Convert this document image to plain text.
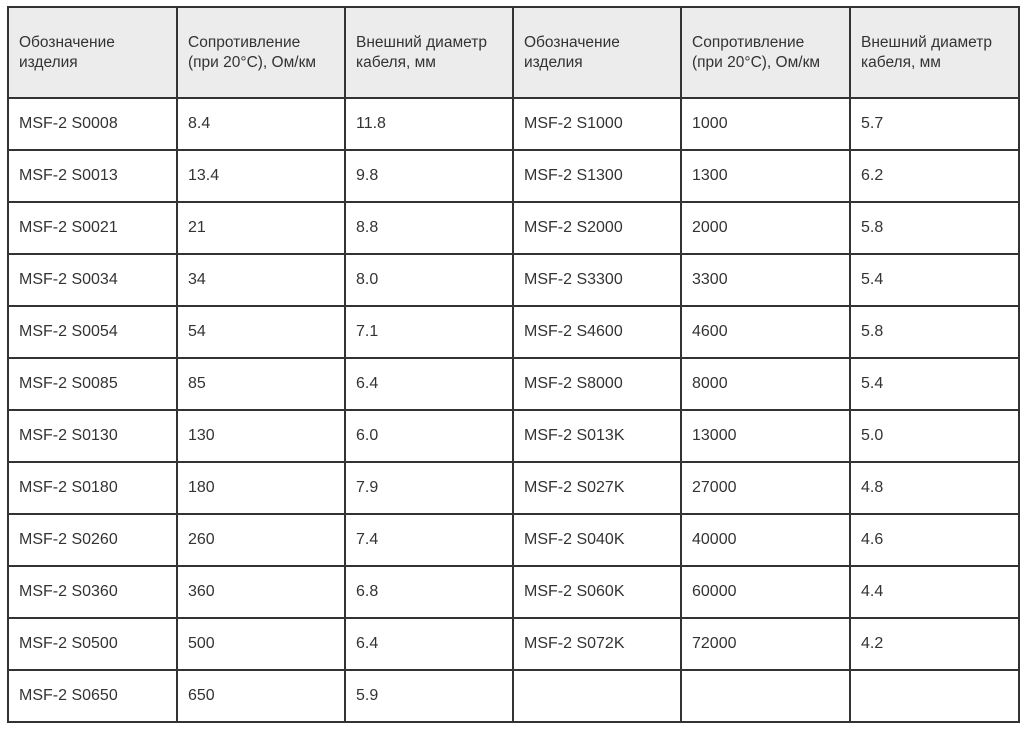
Обозначение изделия	Сопротивление (при 20°С), Ом/км	Внешний диаметр кабеля, мм	Обозначение изделия	Сопротивление (при 20°С), Ом/км	Внешний диаметр кабеля, мм
MSF-2 S0008	8.4	11.8	MSF-2 S1000	1000	5.7
MSF-2 S0013	13.4	9.8	MSF-2 S1300	1300	6.2
MSF-2 S0021	21	8.8	MSF-2 S2000	2000	5.8
MSF-2 S0034	34	8.0	MSF-2 S3300	3300	5.4
MSF-2 S0054	54	7.1	MSF-2 S4600	4600	5.8
MSF-2 S0085	85	6.4	MSF-2 S8000	8000	5.4
MSF-2 S0130	130	6.0	MSF-2 S013K	13000	5.0
MSF-2 S0180	180	7.9	MSF-2 S027K	27000	4.8
MSF-2 S0260	260	7.4	MSF-2 S040K	40000	4.6
MSF-2 S0360	360	6.8	MSF-2 S060K	60000	4.4
MSF-2 S0500	500	6.4	MSF-2 S072K	72000	4.2
MSF-2 S0650	650	5.9			
